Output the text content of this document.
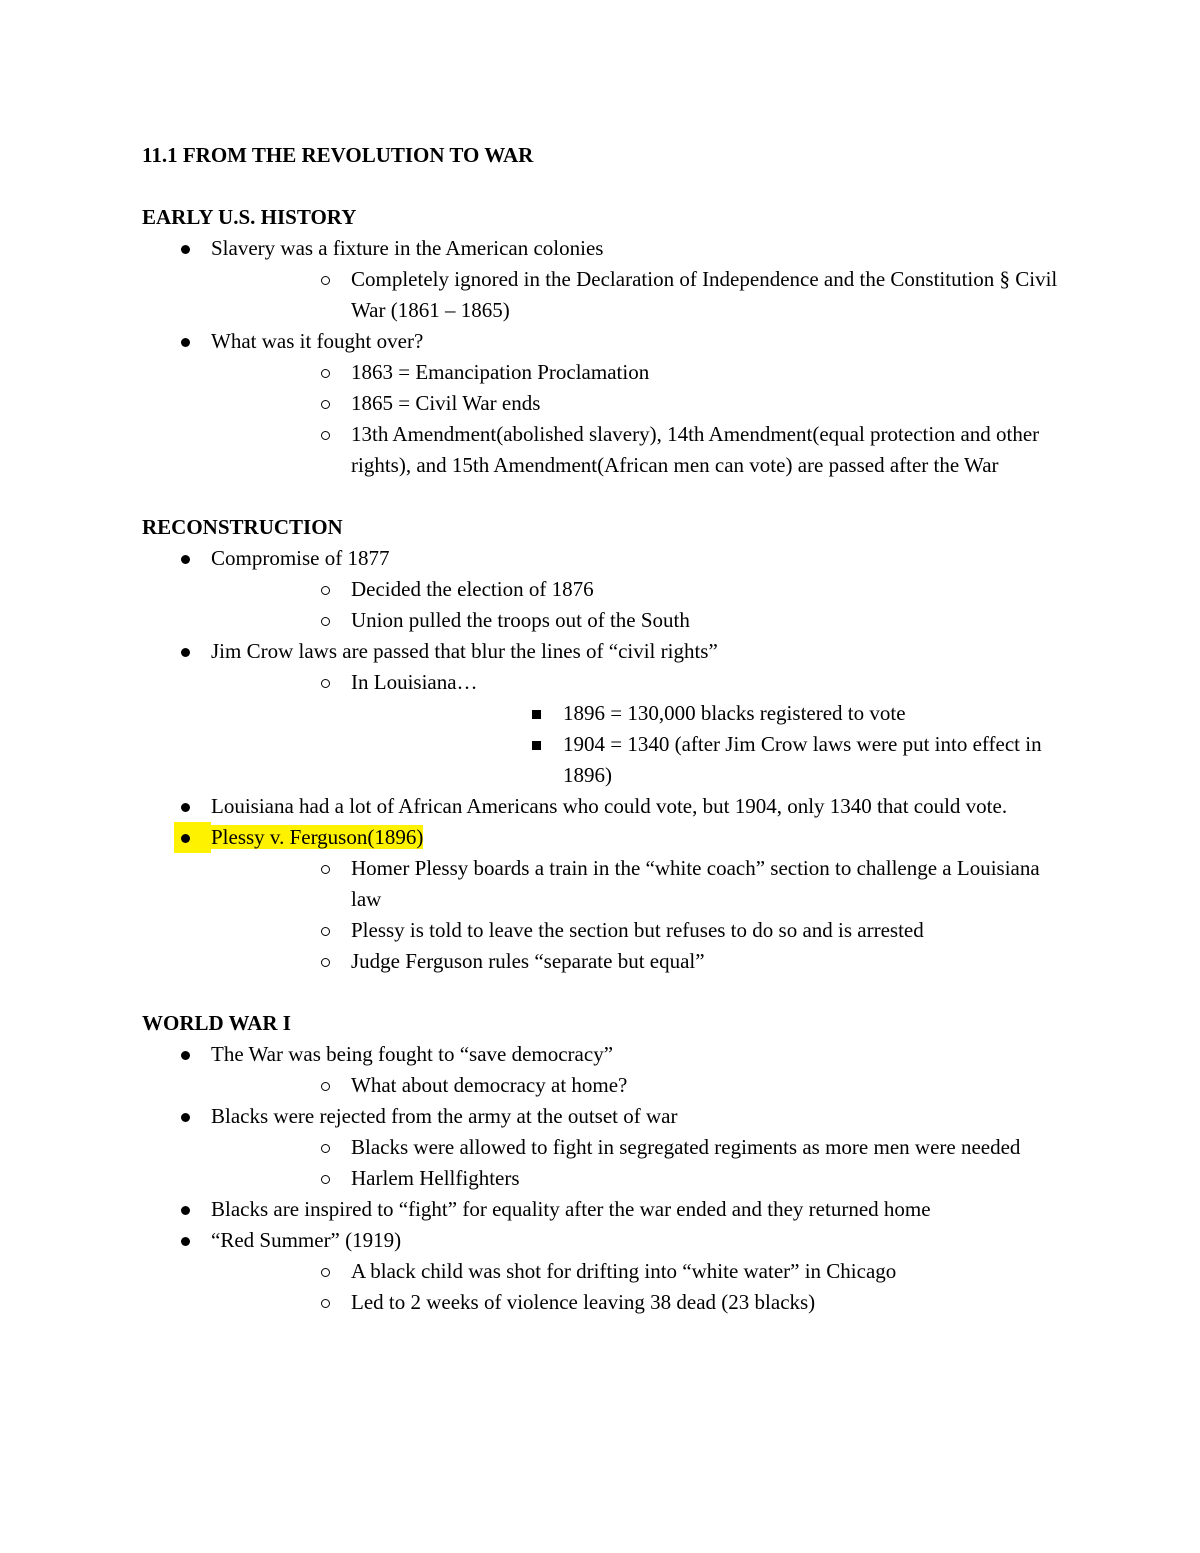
11.1 FROM THE REVOLUTION TO WAR

EARLY U.S. HISTORY

Slavery was a fixture in the American colonies
Completely ignored in the Declaration of Independence and the Constitution § Civil War (1861 – 1865)
What was it fought over?
1863 = Emancipation Proclamation
1865 = Civil War ends
13th Amendment(abolished slavery), 14th Amendment(equal protection and other rights), and 15th Amendment(African men can vote) are passed after the War

RECONSTRUCTION

Compromise of 1877
Decided the election of 1876
Union pulled the troops out of the South
Jim Crow laws are passed that blur the lines of “civil rights”
In Louisiana…
1896 = 130,000 blacks registered to vote
1904 = 1340 (after Jim Crow laws were put into effect in 1896)
Louisiana had a lot of African Americans who could vote, but 1904, only 1340 that could vote.
Plessy v. Ferguson(1896)
Homer Plessy boards a train in the “white coach” section to challenge a Louisiana law
Plessy is told to leave the section but refuses to do so and is arrested
Judge Ferguson rules “separate but equal”

WORLD WAR I

The War was being fought to “save democracy”
What about democracy at home?
Blacks were rejected from the army at the outset of war
Blacks were allowed to fight in segregated regiments as more men were needed
Harlem Hellfighters
Blacks are inspired to “fight” for equality after the war ended and they returned home
“Red Summer” (1919)
A black child was shot for drifting into “white water” in Chicago
Led to 2 weeks of violence leaving 38 dead (23 blacks)
